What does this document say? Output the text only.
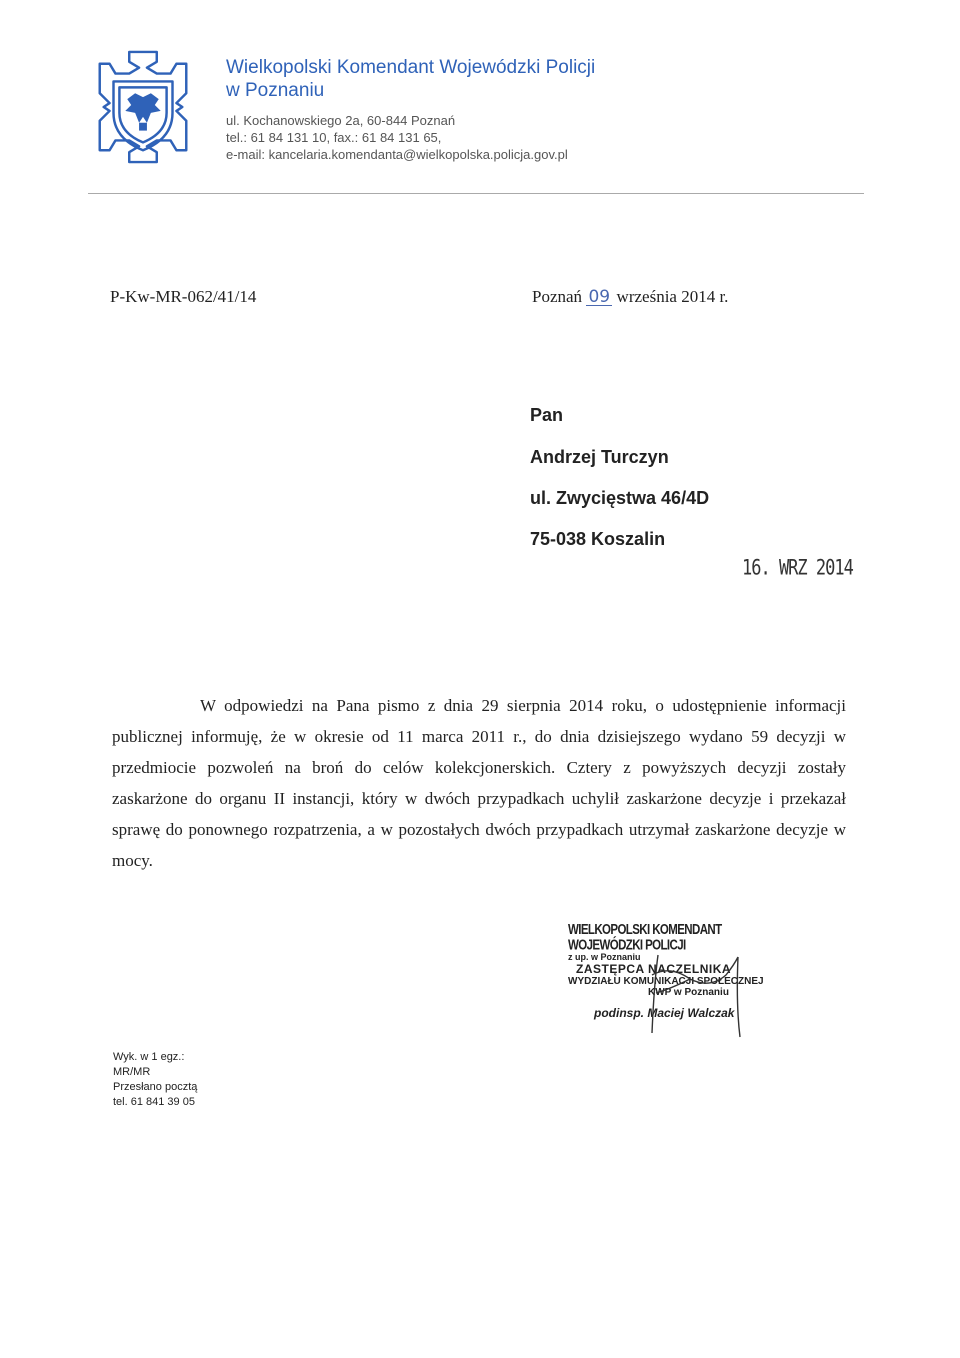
Wielkopolski Komendant Wojewódzki Policji
w Poznaniu
ul. Kochanowskiego 2a, 60-844 Poznań
tel.: 61 84 131 10, fax.: 61 84 131 65,
e-mail: kancelaria.komendanta@wielkopolska.policja.gov.pl
P-Kw-MR-062/41/14	Poznań 09 września 2014 r.
Pan
Andrzej Turczyn
ul. Zwycięstwa 46/4D
75-038 Koszalin
16. WRZ 2014

W odpowiedzi na Pana pismo z dnia 29 sierpnia 2014 roku, o udostępnienie informacji publicznej informuję, że w okresie od 11 marca 2011 r., do dnia dzisiejszego wydano 59 decyzji w przedmiocie pozwoleń na broń do celów kolekcjonerskich. Cztery z powyższych decyzji zostały zaskarżone do organu II instancji, który w dwóch przypadkach uchylił zaskarżone decyzje i przekazał sprawę do ponownego rozpatrzenia, a w pozostałych dwóch przypadkach utrzymał zaskarżone decyzje w mocy.

WIELKOPOLSKI KOMENDANT WOJEWÓDZKI POLICJI
z up. w Poznaniu
ZASTĘPCA NACZELNIKA
WYDZIAŁU KOMUNIKACJI SPOŁECZNEJ
KWP w Poznaniu
podinsp. Maciej Walczak
Wyk. w 1 egz.:
MR/MR
Przesłano pocztą
tel. 61 841 39 05
